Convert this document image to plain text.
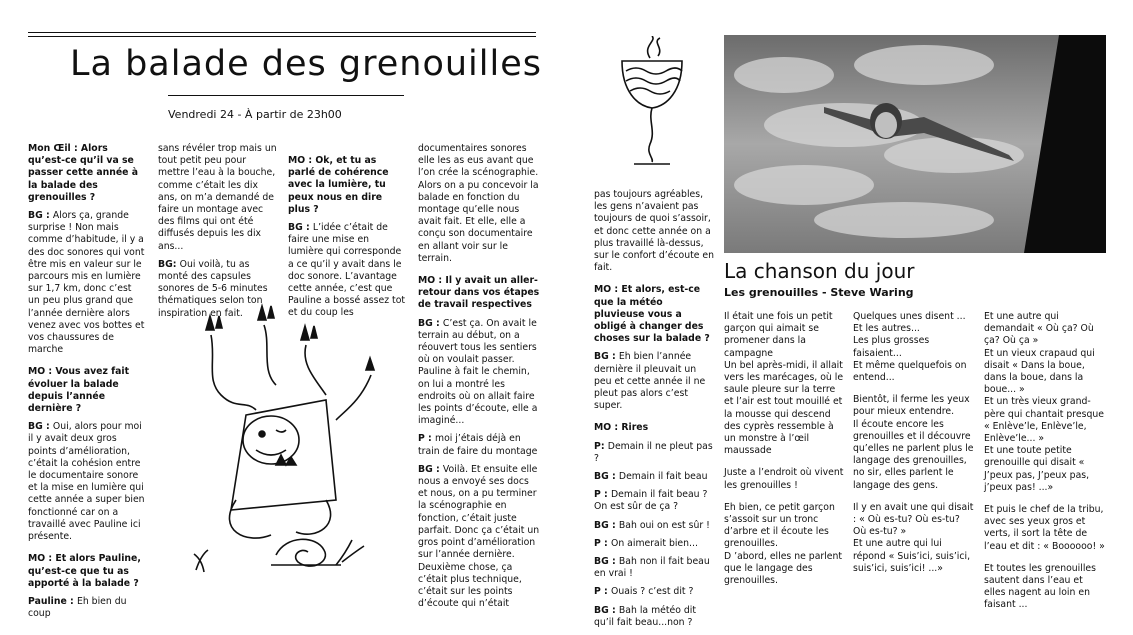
La balade des grenouilles
Vendredi 24 - À partir de 23h00

Mon Œil : Alors qu’est-ce qu’il va se passer cette année à la balade des grenouilles ?

BG : Alors ça, grande surprise ! Non mais comme d’habitude, il y a des doc sonores qui vont être mis en valeur sur le parcours mis en lumière sur 1,7 km, donc c’est un peu plus grand que l’année dernière alors venez avec vos bottes et vos chaussures de marche

MO : Vous avez fait évoluer la balade depuis l’année dernière ?

BG : Oui, alors pour moi il y avait deux gros points d’amélioration, c’était la cohésion entre le documentaire sonore et la mise en lumière qui cette année a super bien fonctionné car on a travaillé avec Pauline ici présente.

MO : Et alors Pauline, qu’est-ce que tu as apporté à la balade ?

Pauline : Eh bien du coup

sans révéler trop mais un tout petit peu pour mettre l’eau à la bouche, comme c’était les dix ans, on m’a demandé de faire un montage avec des films qui ont été diffusés depuis les dix ans...

BG: Oui voilà, tu as monté des capsules sonores de 5-6 minutes thématiques selon ton inspiration en fait.

MO : Ok, et tu as parlé de cohérence avec la lumière, tu peux nous en dire plus ?

BG : L’idée c’était de faire une mise en lumière qui corresponde a ce qu’il y avait dans le doc sonore. L’avantage cette année, c’est que Pauline a bossé assez tot et du coup les

documentaires sonores elle les as eus avant que l’on crée la scénographie. Alors on a pu concevoir la balade en fonction du montage qu’elle nous avait fait. Et elle, elle a conçu son documentaire en allant voir sur le terrain.

MO : Il y avait un aller-retour dans vos étapes de travail respectives

BG : C’est ça. On avait le terrain au début, on a réouvert tous les sentiers où on voulait passer. Pauline à fait le chemin, on lui a montré les endroits où on allait faire les points d’écoute, elle a imaginé...

P : moi j’étais déjà en train de faire du montage

BG : Voilà. Et ensuite elle nous a envoyé ses docs et nous, on a pu terminer la scénographie en fonction, c’était juste parfait. Donc ça c’était un gros point d’amélioration sur l’année dernière. Deuxième chose, ça c’était plus technique, c’était sur les points d’écoute qui n’était

pas toujours agréables, les gens n’avaient pas toujours de quoi s’assoir, et donc cette année on a plus travaillé là-dessus, sur le confort d’écoute en fait.

MO : Et alors, est-ce que la météo pluvieuse vous a obligé à changer des choses sur la balade ?

BG : Eh bien l’année dernière il pleuvait un peu et cette année il ne pleut pas alors c’est super.

MO : Rires

P: Demain il ne pleut pas ?

BG : Demain il fait beau

P : Demain il fait beau ? On est sûr de ça ?

BG : Bah oui on est sûr !

P : On aimerait bien...

BG : Bah non il fait beau en vrai !

P : Ouais ? c’est dit ?

BG : Bah la météo dit qu’il fait beau...non ?

La chanson du jour
Les grenouilles - Steve Waring

Il était une fois un petit garçon qui aimait se promener dans la campagne
Un bel après-midi, il allait vers les marécages, où le saule pleure sur la terre et l’air est tout mouillé et la mousse qui descend des cyprès ressemble à un monstre à l’œil maussade

Juste a l’endroit où vivent les grenouilles !

Eh bien, ce petit garçon s’assoit sur un tronc d’arbre et il écoute les grenouilles.
D ’abord, elles ne parlent que le langage des grenouilles.

Quelques unes disent ...
Et les autres...
Les plus grosses faisaient...
Et même quelquefois on entend...

Bientôt, il ferme les yeux pour mieux entendre.
Il écoute encore les grenouilles et il découvre qu’elles ne parlent plus le langage des grenouilles, no sir, elles parlent le langage des gens.

Il y en avait une qui disait : « Où es-tu? Où es-tu? Où es-tu? »
Et une autre qui lui répond « Suis’ici, suis’ici, suis’ici, suis’ici! ...»

Et une autre qui demandait « Où ça? Où ça? Où ça »
Et un vieux crapaud qui disait « Dans la boue, dans la boue, dans la boue... »
Et un très vieux grand-père qui chantait presque « Enlève’le, Enlève’le, Enlève’le... »
Et une toute petite grenouille qui disait « J’peux pas, J’peux pas, j’peux pas! ...»

Et puis le chef de la tribu, avec ses yeux gros et verts, il sort la tête de l’eau et dit : « Boooooo! »

Et toutes les grenouilles sautent dans l’eau et elles nagent au loin en faisant ...
